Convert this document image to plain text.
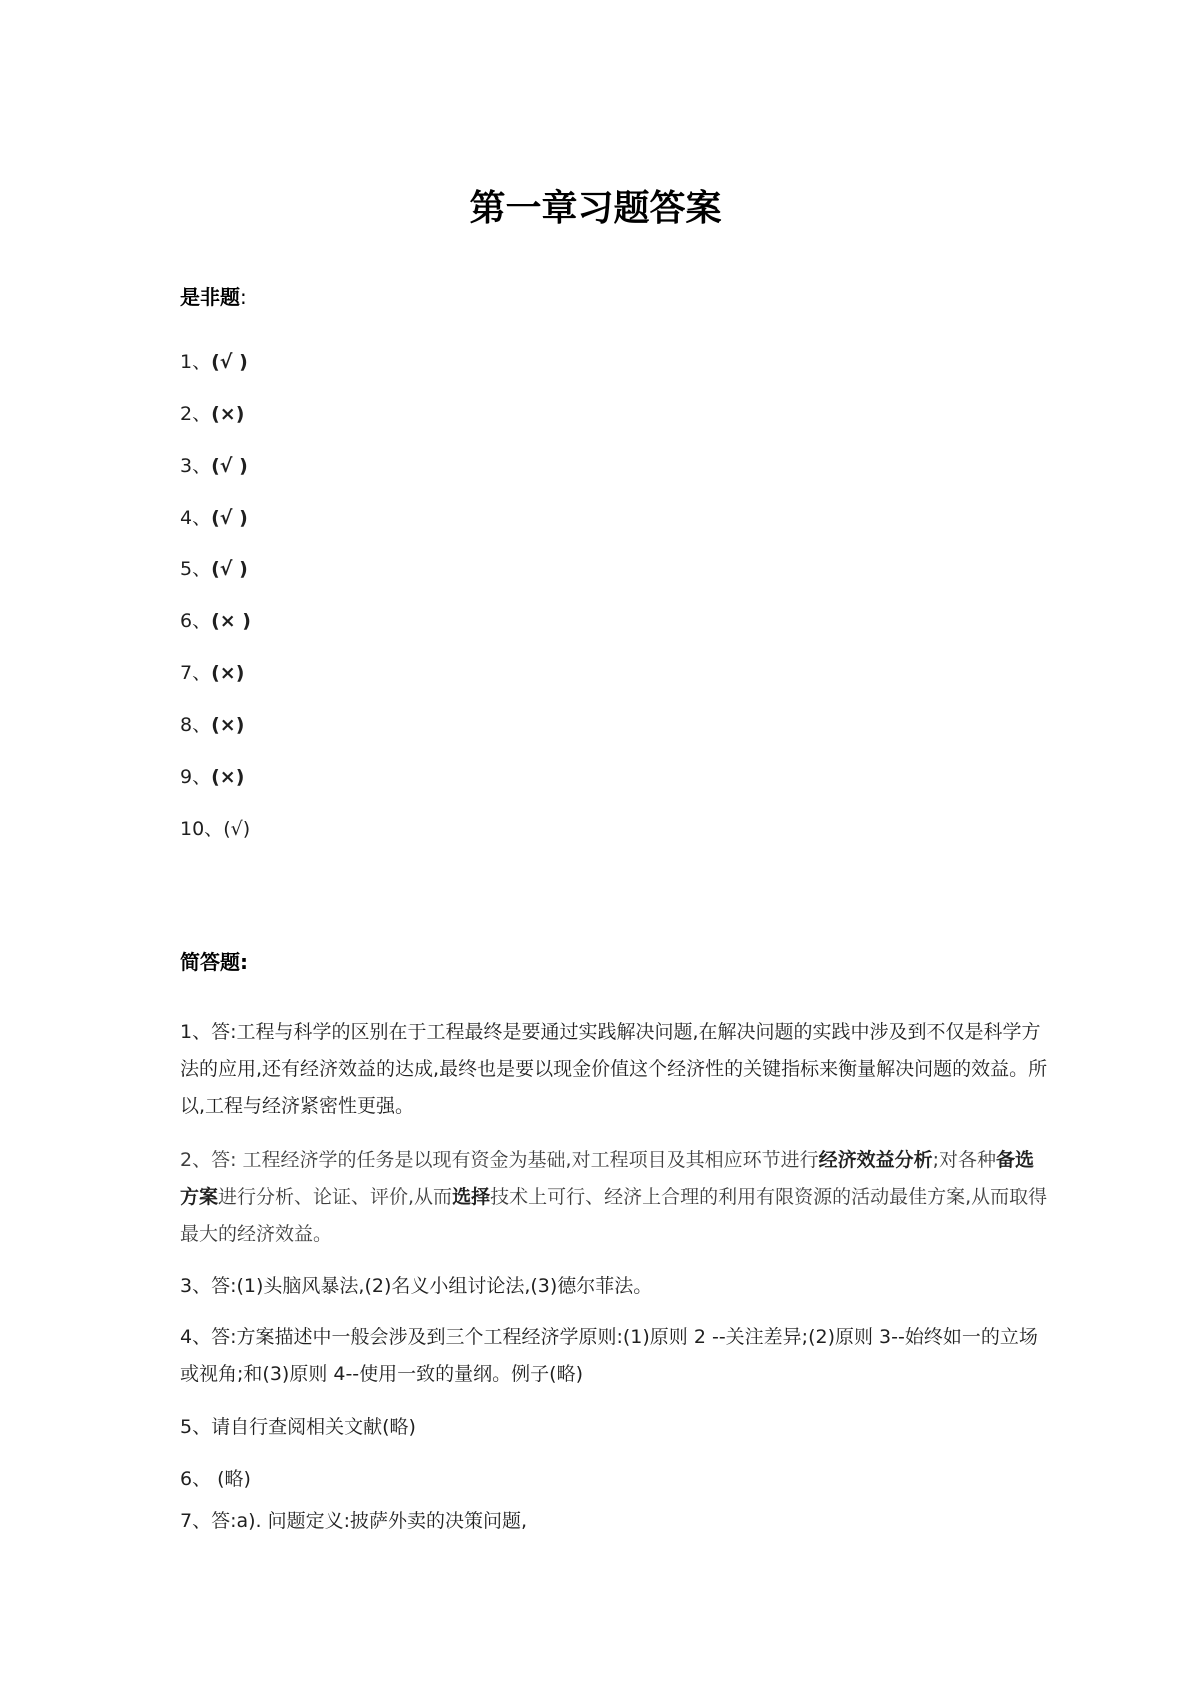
第一章习题答案
是非题:
1、(√ )
2、(×)
3、(√ )
4、(√ )
5、(√ )
6、(× )
7、(×)
8、(×)
9、(×)
10、(√)
简答题:
1、答:工程与科学的区别在于工程最终是要通过实践解决问题,在解决问题的实践中涉及到不仅是科学方法的应用,还有经济效益的达成,最终也是要以现金价值这个经济性的关键指标来衡量解决问题的效益。所以,工程与经济紧密性更强。
2、答: 工程经济学的任务是以现有资金为基础,对工程项目及其相应环节进行经济效益分析;对各种备选方案进行分析、论证、评价,从而选择技术上可行、经济上合理的利用有限资源的活动最佳方案,从而取得最大的经济效益。
3、答:(1)头脑风暴法,(2)名义小组讨论法,(3)德尔菲法。
4、答:方案描述中一般会涉及到三个工程经济学原则:(1)原则 2 --关注差异;(2)原则 3--始终如一的立场或视角;和(3)原则 4--使用一致的量纲。例子(略)
5、请自行查阅相关文献(略)
6、 (略)
7、答:a). 问题定义:披萨外卖的决策问题,
